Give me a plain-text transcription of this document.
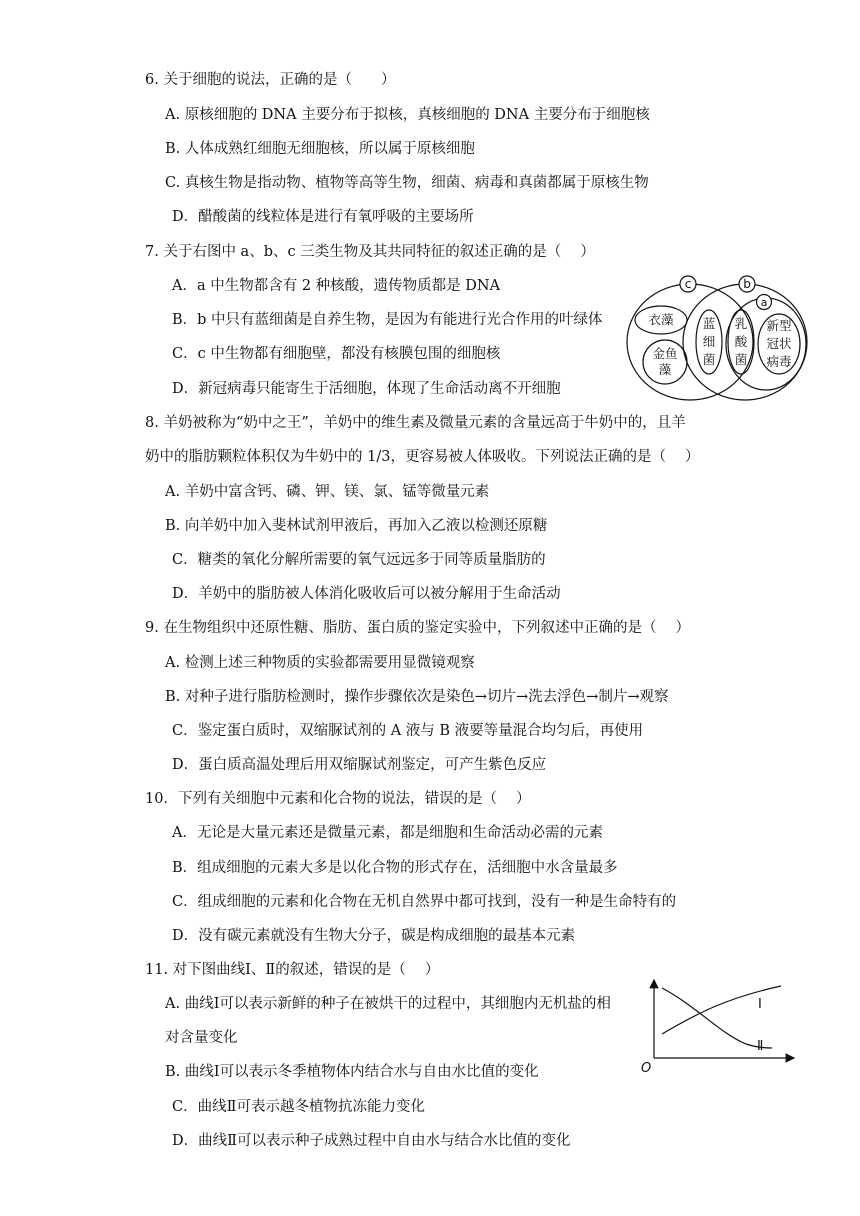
6. 关于细胞的说法，正确的是（　　）
A. 原核细胞的 DNA 主要分布于拟核，真核细胞的 DNA 主要分布于细胞核
B. 人体成熟红细胞无细胞核，所以属于原核细胞
C. 真核生物是指动物、植物等高等生物，细菌、病毒和真菌都属于原核生物
D．醋酸菌的线粒体是进行有氧呼吸的主要场所
7. 关于右图中 a、b、c 三类生物及其共同特征的叙述正确的是（　 ）
A．a 中生物都含有 2 种核酸，遗传物质都是 DNA
B．b 中只有蓝细菌是自养生物，是因为有能进行光合作用的叶绿体
C．c 中生物都有细胞壁，都没有核膜包围的细胞核
D．新冠病毒只能寄生于活细胞，体现了生命活动离不开细胞
c	b
a
衣藻
金鱼
藻
蓝
细
菌
乳
酸
菌
新型
冠状
病毒
8. 羊奶被称为“奶中之王”，羊奶中的维生素及微量元素的含量远高于牛奶中的，且羊
奶中的脂肪颗粒体积仅为牛奶中的 1/3，更容易被人体吸收。下列说法正确的是（　 ）
A. 羊奶中富含钙、磷、钾、镁、氯、锰等微量元素
B. 向羊奶中加入斐林试剂甲液后，再加入乙液以检测还原糖
C．糖类的氧化分解所需要的氧气远远多于同等质量脂肪的
D．羊奶中的脂肪被人体消化吸收后可以被分解用于生命活动
9. 在生物组织中还原性糖、脂肪、蛋白质的鉴定实验中，下列叙述中正确的是（　 ）
A. 检测上述三种物质的实验都需要用显微镜观察
B. 对种子进行脂肪检测时，操作步骤依次是染色→切片→洗去浮色→制片→观察
C．鉴定蛋白质时，双缩脲试剂的 A 液与 B 液要等量混合均匀后，再使用
D．蛋白质高温处理后用双缩脲试剂鉴定，可产生紫色反应
10．下列有关细胞中元素和化合物的说法，错误的是（　 ）
A．无论是大量元素还是微量元素，都是细胞和生命活动必需的元素
B．组成细胞的元素大多是以化合物的形式存在，活细胞中水含量最多
C．组成细胞的元素和化合物在无机自然界中都可找到，没有一种是生命特有的
D．没有碳元素就没有生物大分子，碳是构成细胞的最基本元素
11. 对下图曲线Ⅰ、Ⅱ的叙述，错误的是（　 ）
A. 曲线Ⅰ可以表示新鲜的种子在被烘干的过程中，其细胞内无机盐的相
对含量变化
B. 曲线Ⅰ可以表示冬季植物体内结合水与自由水比值的变化
C．曲线Ⅱ可表示越冬植物抗冻能力变化
D．曲线Ⅱ可以表示种子成熟过程中自由水与结合水比值的变化
Ⅰ
Ⅱ
O
